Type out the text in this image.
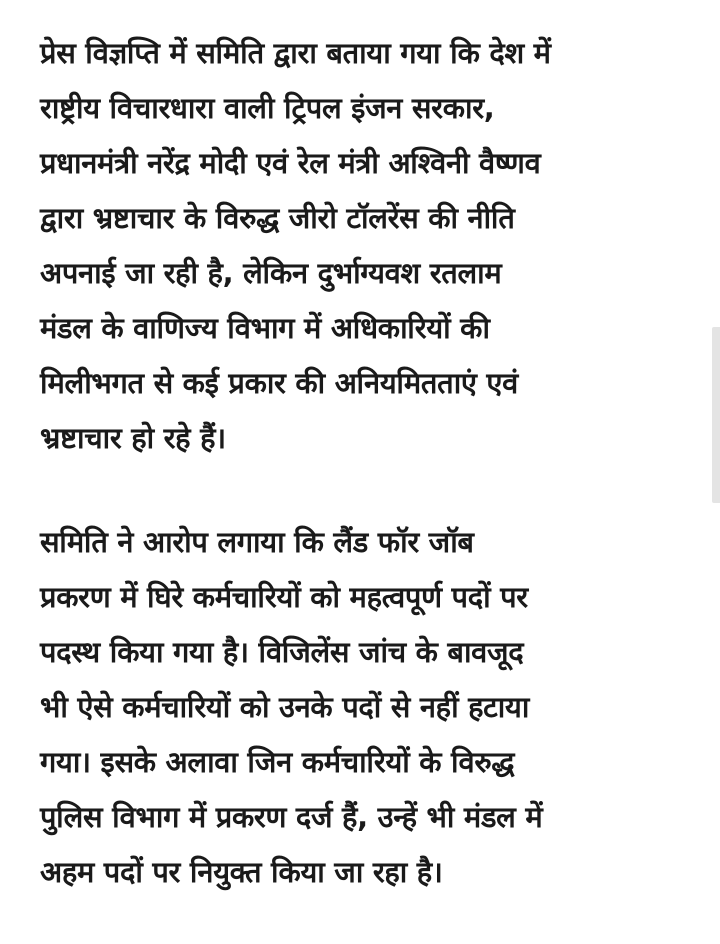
प्रेस विज्ञप्ति में समिति द्वारा बताया गया कि देश में
राष्ट्रीय विचारधारा वाली ट्रिपल इंजन सरकार,
प्रधानमंत्री नरेंद्र मोदी एवं रेल मंत्री अश्विनी वैष्णव
द्वारा भ्रष्टाचार के विरुद्ध जीरो टॉलरेंस की नीति
अपनाई जा रही है, लेकिन दुर्भाग्यवश रतलाम
मंडल के वाणिज्य विभाग में अधिकारियों की
मिलीभगत से कई प्रकार की अनियमितताएं एवं
भ्रष्टाचार हो रहे हैं।

समिति ने आरोप लगाया कि लैंड फॉर जॉब
प्रकरण में घिरे कर्मचारियों को महत्वपूर्ण पदों पर
पदस्थ किया गया है। विजिलेंस जांच के बावजूद
भी ऐसे कर्मचारियों को उनके पदों से नहीं हटाया
गया। इसके अलावा जिन कर्मचारियों के विरुद्ध
पुलिस विभाग में प्रकरण दर्ज हैं, उन्हें भी मंडल में
अहम पदों पर नियुक्त किया जा रहा है।
